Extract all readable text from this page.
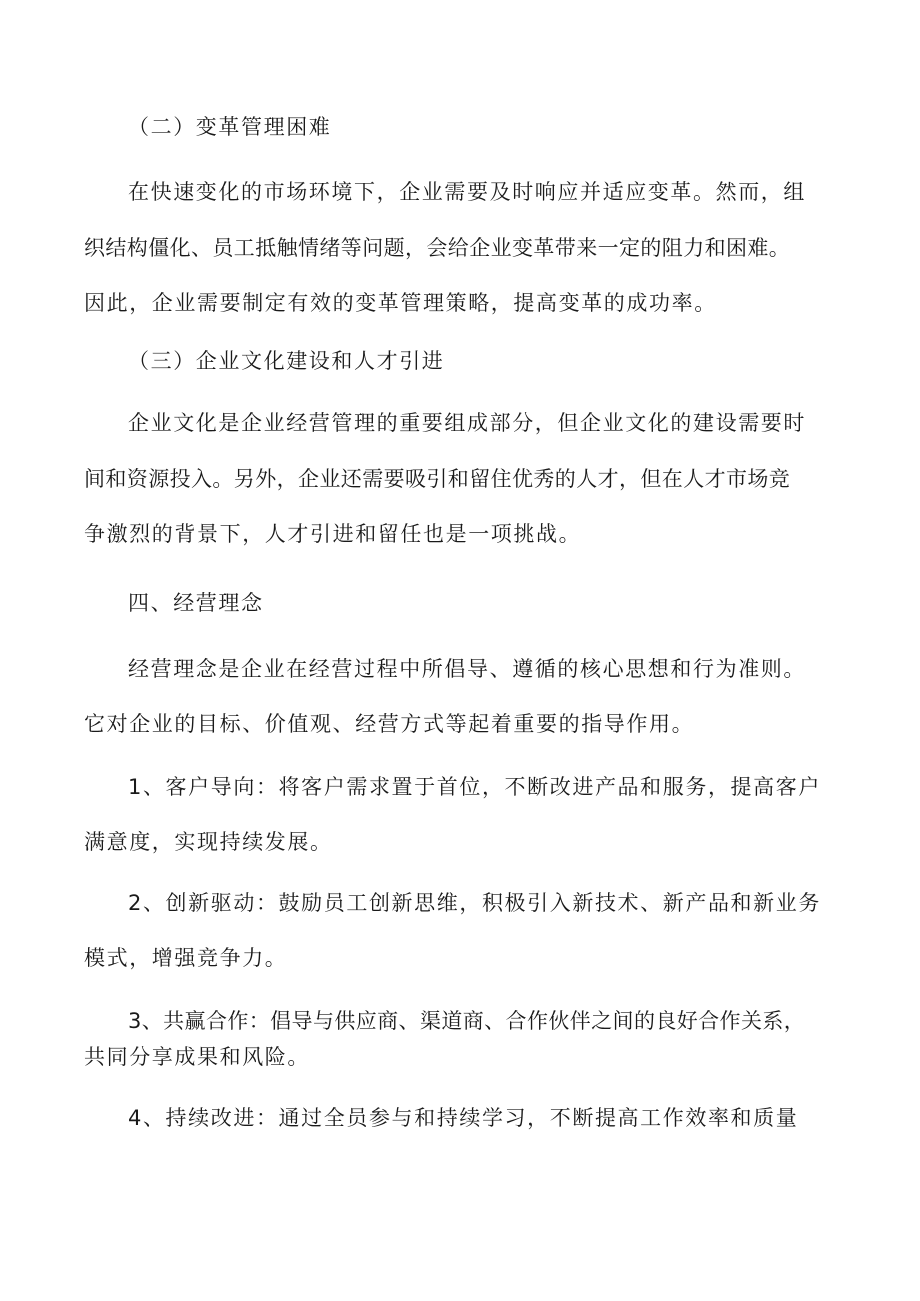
（二）变革管理困难
在快速变化的市场环境下，企业需要及时响应并适应变革。然而，组
织结构僵化、员工抵触情绪等问题，会给企业变革带来一定的阻力和困难。
因此，企业需要制定有效的变革管理策略，提高变革的成功率。
（三）企业文化建设和人才引进
企业文化是企业经营管理的重要组成部分，但企业文化的建设需要时
间和资源投入。另外，企业还需要吸引和留住优秀的人才，但在人才市场竞
争激烈的背景下，人才引进和留任也是一项挑战。
四、经营理念
经营理念是企业在经营过程中所倡导、遵循的核心思想和行为准则。
它对企业的目标、价值观、经营方式等起着重要的指导作用。
1、客户导向：将客户需求置于首位，不断改进产品和服务，提高客户
满意度，实现持续发展。
2、创新驱动：鼓励员工创新思维，积极引入新技术、新产品和新业务
模式，增强竞争力。
3、共赢合作：倡导与供应商、渠道商、合作伙伴之间的良好合作关系，
共同分享成果和风险。
4、持续改进：通过全员参与和持续学习，不断提高工作效率和质量
